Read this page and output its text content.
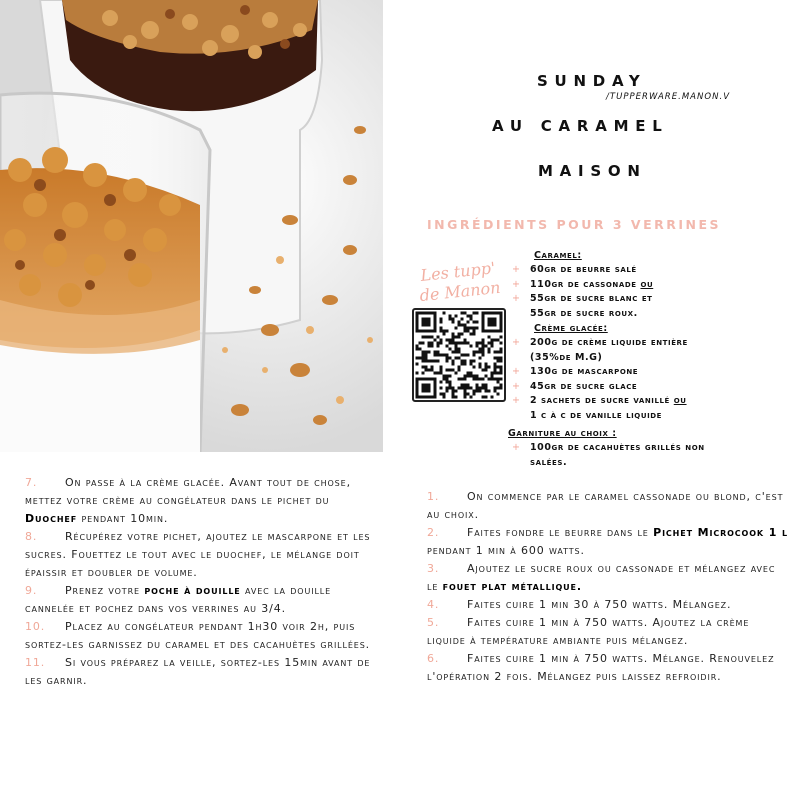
SUNDAY
/TUPPERWARE.MANON.V
AU CARAMEL
MAISON
INGRÉDIENTS POUR 3 VERRINES
Les tupp'
de Manon
Caramel:
+ 60gr de beurre salé
+ 110gr de cassonade ou
+ 55gr de sucre blanc et
55gr de sucre roux.
Crème glacée:
+ 200g de crème liquide entière
(35%de M.G)
+ 130g de mascarpone
+ 45gr de sucre glace
+ 2 sachets de sucre vanillé ou
1 c à c de vanille liquide
Garniture au choix :
+ 100gr de cacahuètes grillés non
salées.
7.	On passe à la crème glacée. Avant tout de chose, mettez votre crème au congélateur dans le pichet du Duochef pendant 10min.
8.	Récupérez votre pichet, ajoutez le mascarpone et les sucres. Fouettez le tout avec le duochef, le mélange doit épaissir et doubler de volume.
9.	Prenez votre poche à douille avec la douille cannelée et pochez dans vos verrines au 3/4.
10. Placez au congélateur pendant 1h30 voir 2h, puis sortez-les garnissez du caramel et des cacahuètes grillées.
11. Si vous préparez la veille, sortez-les 15min avant de les garnir.
1.	On commence par le caramel cassonade ou blond, c'est au choix.
2.	Faites fondre le beurre dans le Pichet Microcook 1 l pendant 1 min à 600 watts.
3.	Ajoutez le sucre roux ou cassonade et mélangez avec le fouet plat métallique.
4.	Faites cuire 1 min 30 à 750 watts. Mélangez.
5.	Faites cuire 1 min à 750 watts. Ajoutez la crème liquide à température ambiante puis mélangez.
6.	Faites cuire 1 min à 750 watts. Mélange. Renouvelez l'opération 2 fois. Mélangez puis laissez refroidir.
